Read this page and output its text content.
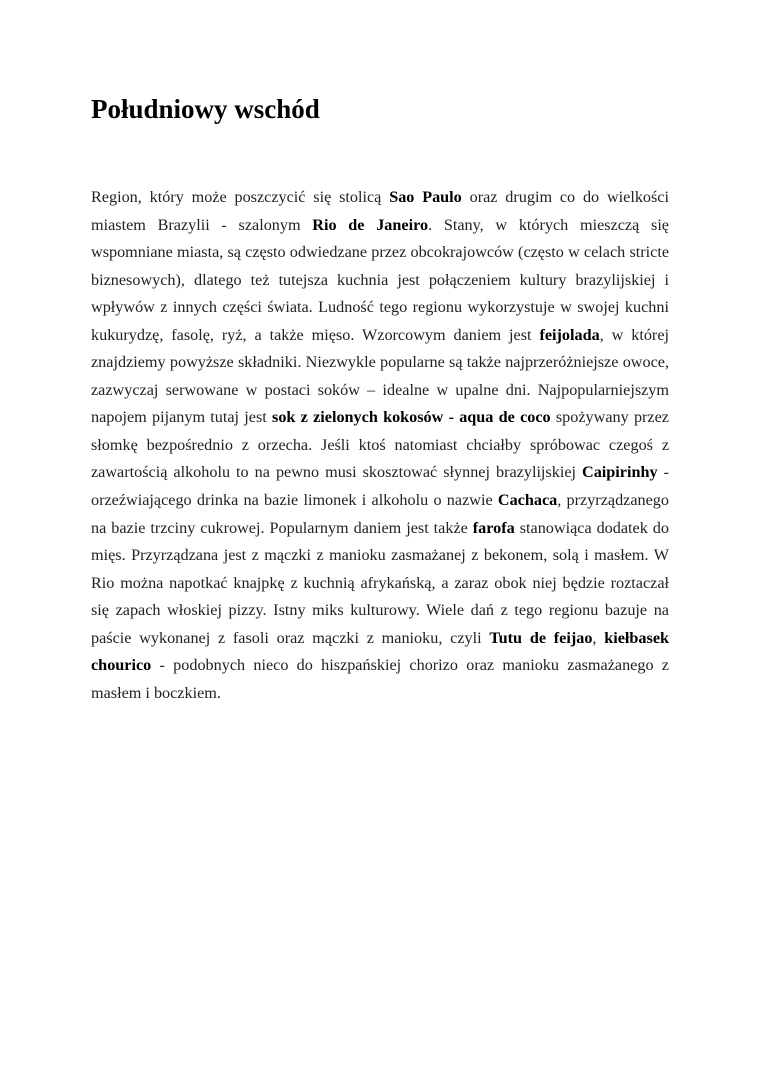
Południowy wschód

Region, który może poszczycić się stolicą Sao Paulo oraz drugim co do wielkości miastem Brazylii - szalonym Rio de Janeiro. Stany, w których mieszczą się wspomniane miasta, są często odwiedzane przez obcokrajowców (często w celach stricte biznesowych), dlatego też tutejsza kuchnia jest połączeniem kultury brazylijskiej i wpływów z innych części świata. Ludność tego regionu wykorzystuje w swojej kuchni kukurydzę, fasolę, ryż, a także mięso. Wzorcowym daniem jest feijolada, w której znajdziemy powyższe składniki. Niezwykle popularne są także najprzeróżniejsze owoce, zazwyczaj serwowane w postaci soków – idealne w upalne dni. Najpopularniejszym napojem pijanym tutaj jest sok z zielonych kokosów - aqua de coco spożywany przez słomkę bezpośrednio z orzecha. Jeśli ktoś natomiast chciałby spróbowac czegoś z zawartością alkoholu to na pewno musi skosztować słynnej brazylijskiej Caipirinhy - orzeźwiającego drinka na bazie limonek i alkoholu o nazwie Cachaca, przyrządzanego na bazie trzciny cukrowej. Popularnym daniem jest także farofa stanowiąca dodatek do mięs. Przyrządzana jest z mączki z manioku zasmażanej z bekonem, solą i masłem. W Rio można napotkać knajpkę z kuchnią afrykańską, a zaraz obok niej będzie roztaczał się zapach włoskiej pizzy. Istny miks kulturowy. Wiele dań z tego regionu bazuje na paście wykonanej z fasoli oraz mączki z manioku, czyli Tutu de feijao, kiełbasek chourico - podobnych nieco do hiszpańskiej chorizo oraz manioku zasmażanego z masłem i boczkiem.
